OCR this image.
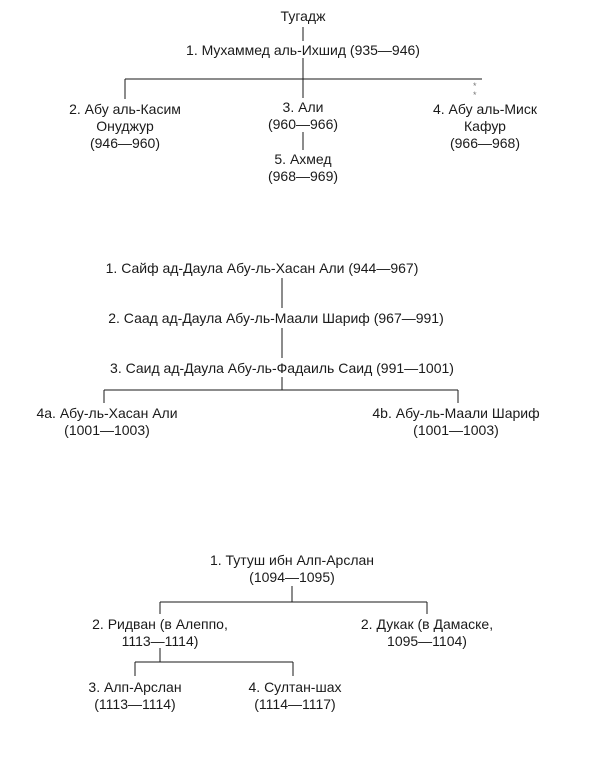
*
*
Тугадж
1. Мухаммед аль-Ихшид (935—946)
2. Абу аль-Касим
Онуджур
(946—960)
3. Али
(960—966)
4. Абу аль-Миск
Кафур
(966—968)
5. Ахмед
(968—969)
1. Сайф ад-Даула Абу-ль-Хасан Али (944—967)
2. Саад ад-Даула Абу-ль-Маали Шариф (967—991)
3. Саид ад-Даула Абу-ль-Фадаиль Саид (991—1001)
4a. Абу-ль-Хасан Али
(1001—1003)
4b. Абу-ль-Маали Шариф
(1001—1003)
1. Тутуш ибн Алп-Арслан
(1094—1095)
2. Ридван (в Алеппо,
1113—1114)
2. Дукак (в Дамаске,
1095—1104)
3. Алп-Арслан
(1113—1114)
4. Султан-шах
(1114—1117)
